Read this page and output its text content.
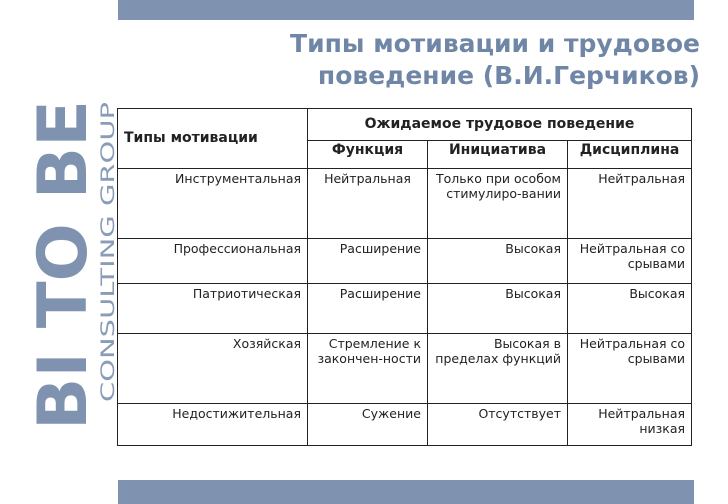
BI TO BE
CONSULTING GROUP
Типы мотивации и трудовое
поведение (В.И.Герчиков)
Типы мотивации	Ожидаемое трудовое поведение		
	Функция	Инициатива	Дисциплина
Инструментальная	Нейтральная	Только при особом стимулиро-вании	Нейтральная
Профессиональная	Расширение	Высокая	Нейтральная со срывами
Патриотическая	Расширение	Высокая	Высокая
Хозяйская	Стремление к закончен-ности	Высокая в пределах функций	Нейтральная со срывами
Недостижительная	Сужение	Отсутствует	Нейтральная низкая
